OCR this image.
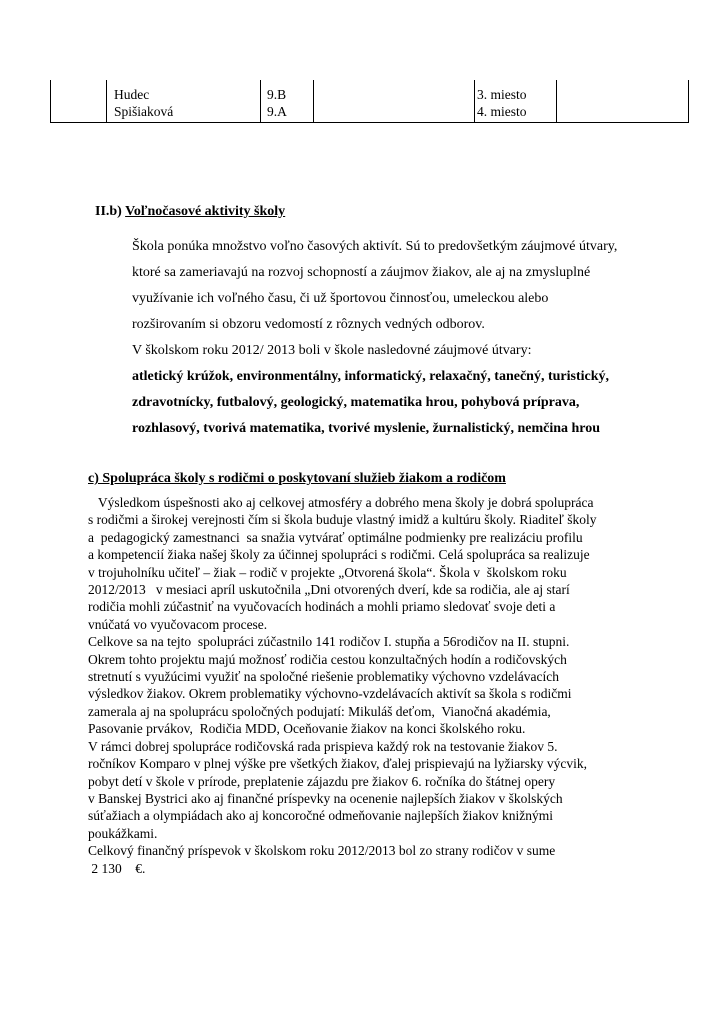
Hudec	9.B	3. miesto
Spišiaková	9.A	4. miesto
II.b) Voľnočasové aktivity školy

Škola ponúka množstvo voľno časových aktivít. Sú to predovšetkým záujmové útvary,

ktoré sa zameriavajú na rozvoj schopností a záujmov žiakov, ale aj na zmysluplné

využívanie ich voľného času, či už športovou činnosťou, umeleckou alebo

rozširovaním si obzoru vedomostí z rôznych vedných odborov.

V školskom roku 2012/ 2013 boli v škole nasledovné záujmové útvary:

atletický krúžok, environmentálny, informatický, relaxačný, tanečný, turistický,

zdravotnícky, futbalový, geologický, matematika hrou, pohybová príprava,

rozhlasový, tvorivá matematika, tvorivé myslenie, žurnalistický, nemčina hrou

c) Spolupráca školy s rodičmi o poskytovaní služieb žiakom a rodičom

Výsledkom úspešnosti ako aj celkovej atmosféry a dobrého mena školy je dobrá spolupráca
s rodičmi a širokej verejnosti čím si škola buduje vlastný imidž a kultúru školy. Riaditeľ školy
a  pedagogický zamestnanci  sa snažia vytvárať optimálne podmienky pre realizáciu profilu
a kompetencií žiaka našej školy za účinnej spolupráci s rodičmi. Celá spolupráca sa realizuje
v trojuholníku učiteľ – žiak – rodič v projekte „Otvorená škola“. Škola v  školskom roku
2012/2013   v mesiaci apríl uskutočnila „Dni otvorených dverí, kde sa rodičia, ale aj starí
rodičia mohli zúčastniť na vyučovacích hodinách a mohli priamo sledovať svoje deti a
vnúčatá vo vyučovacom procese.

Celkove sa na tejto  spolupráci zúčastnilo 141 rodičov I. stupňa a 56rodičov na II. stupni.
Okrem tohto projektu majú možnosť rodičia cestou konzultačných hodín a rodičovských
stretnutí s využúcimi využiť na spoločné riešenie problematiky výchovno vzdelávacích
výsledkov žiakov. Okrem problematiky výchovno-vzdelávacích aktivít sa škola s rodičmi
zamerala aj na spoluprácu spoločných podujatí: Mikuláš deťom,  Vianočná akadémia,
Pasovanie prvákov,  Rodičia MDD, Oceňovanie žiakov na konci školského roku.

V rámci dobrej spolupráce rodičovská rada prispieva každý rok na testovanie žiakov 5.
ročníkov Komparo v plnej výške pre všetkých žiakov, ďalej prispievajú na lyžiarsky výcvik,
pobyt detí v škole v prírode, preplatenie zájazdu pre žiakov 6. ročníka do štátnej opery
v Banskej Bystrici ako aj finančné príspevky na ocenenie najlepších žiakov v školských
súťažiach a olympiádach ako aj koncoročné odmeňovanie najlepších žiakov knižnými
poukážkami.

Celkový finančný príspevok v školskom roku 2012/2013 bol zo strany rodičov v sume
2 130    €.
